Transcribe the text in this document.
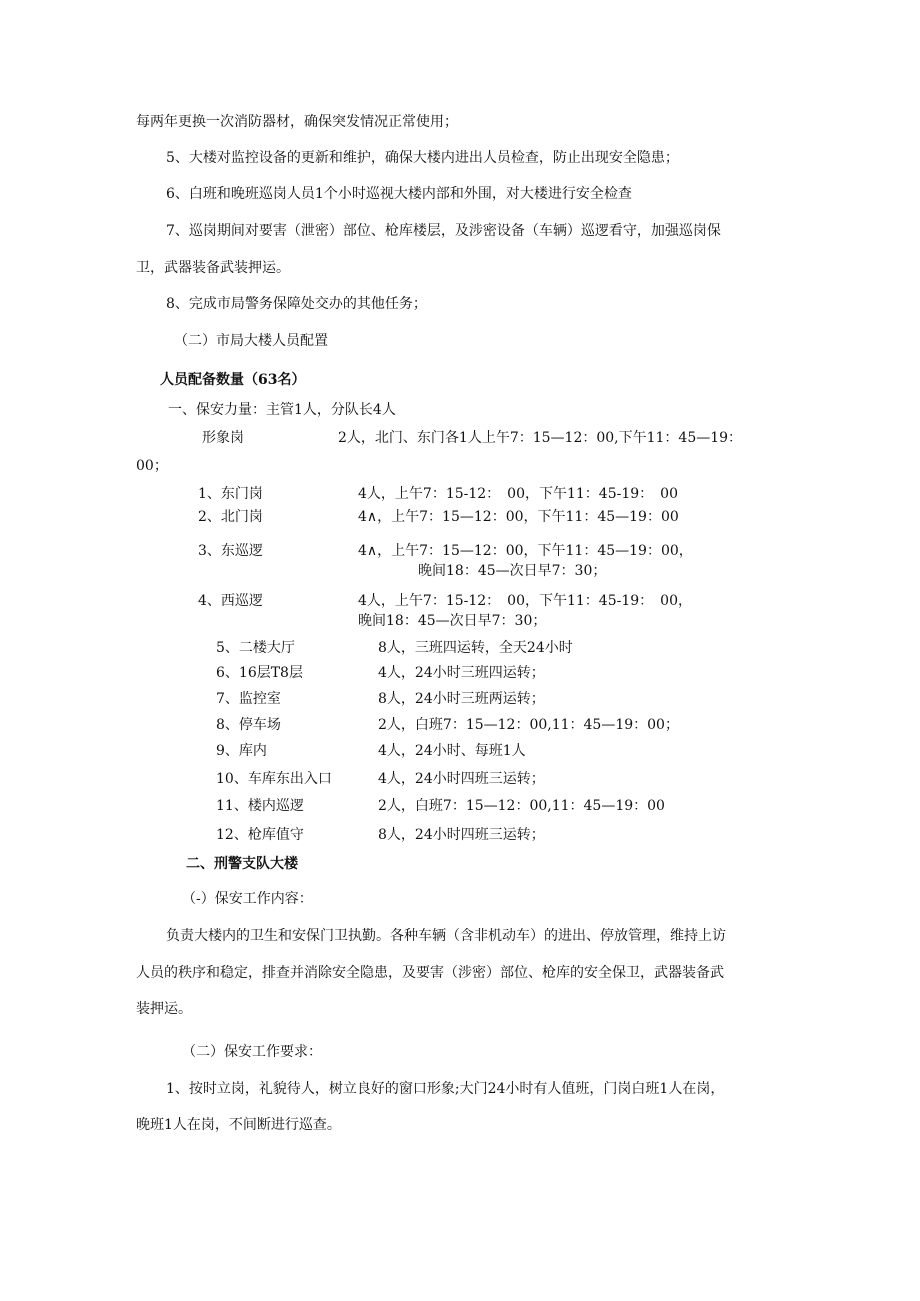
每两年更换一次消防器材，确保突发情况正常使用；
5、大楼对监控设备的更新和维护，确保大楼内进出人员检查，防止出现安全隐患；
6、白班和晚班巡岗人员1个小时巡视大楼内部和外围，对大楼进行安全检查
7、巡岗期间对要害（泄密）部位、枪库楼层，及涉密设备（车辆）巡逻看守，加强巡岗保
卫，武器装备武装押运。
8、完成市局警务保障处交办的其他任务；
（二）市局大楼人员配置
人员配备数量（63名）
一、保安力量：主管1人，分队长4人
形象岗	2人，北门、东门各1人上午7：15—12：00,下午11：45—19：
00；
1、东门岗	4人，上午7：15-12：　00，下午11：45-19：　00
2、北门岗	4∧，上午7：15—12：00，下午11：45—19：00
3、东巡逻	4∧，上午7：15—12：00，下午11：45—19：00，
晚间18：45—次日早7：30；
4、西巡逻	4人，上午7：15-12：　00，下午11：45-19：　00，
晚间18：45—次日早7：30；
5、二楼大厅	8人，三班四运转，全天24小时
6、16层T8层	4人，24小时三班四运转；
7、监控室	8人，24小时三班两运转；
8、停车场	2人，白班7：15—12：00,11：45—19：00；
9、库内	4人，24小时、每班1人
10、车库东出入口	4人，24小时四班三运转；
11、楼内巡逻	2人，白班7：15—12：00,11：45—19：00
12、枪库值守	8人，24小时四班三运转；
二、刑警支队大楼
（-）保安工作内容：
负责大楼内的卫生和安保门卫执勤。各种车辆（含非机动车）的进出、停放管理，维持上访
人员的秩序和稳定，排查并消除安全隐患，及要害（涉密）部位、枪库的安全保卫，武器装备武
装押运。
（二）保安工作要求：
1、按时立岗，礼貌待人，树立良好的窗口形象;大门24小时有人值班，门岗白班1人在岗，
晚班1人在岗，不间断进行巡查。
